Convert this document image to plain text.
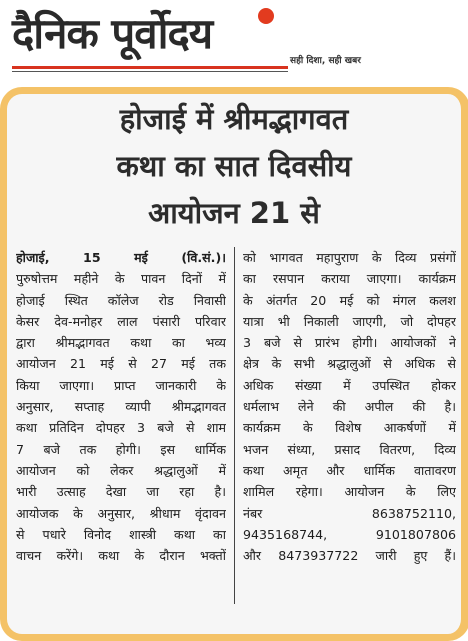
दैनिक पूर्वोदय
सही दिशा, सही खबर
होजाई में श्रीमद्भागवत
कथा का सात दिवसीय
आयोजन 21 से
होजाई, 15 मई (वि.सं.)।
पुरुषोत्तम महीने के पावन दिनों में
होजाई स्थित कॉलेज रोड निवासी
केसर देव-मनोहर लाल पंसारी परिवार
द्वारा श्रीमद्भागवत कथा का भव्य
आयोजन 21 मई से 27 मई तक
किया जाएगा। प्राप्त जानकारी के
अनुसार, सप्ताह व्यापी श्रीमद्भागवत
कथा प्रतिदिन दोपहर 3 बजे से शाम
7 बजे तक होगी। इस धार्मिक
आयोजन को लेकर श्रद्धालुओं में
भारी उत्साह देखा जा रहा है।
आयोजक के अनुसार, श्रीधाम वृंदावन
से पधारे विनोद शास्त्री कथा का
वाचन करेंगे। कथा के दौरान भक्तों
को भागवत महापुराण के दिव्य प्रसंगों
का रसपान कराया जाएगा। कार्यक्रम
के अंतर्गत 20 मई को मंगल कलश
यात्रा भी निकाली जाएगी, जो दोपहर
3 बजे से प्रारंभ होगी। आयोजकों ने
क्षेत्र के सभी श्रद्धालुओं से अधिक से
अधिक संख्या में उपस्थित होकर
धर्मलाभ लेने की अपील की है।
कार्यक्रम के विशेष आकर्षणों में
भजन संध्या, प्रसाद वितरण, दिव्य
कथा अमृत और धार्मिक वातावरण
शामिल रहेगा। आयोजन के लिए
नंबर 8638752110,
9435168744, 9101807806
और 8473937722 जारी हुए हैं।
